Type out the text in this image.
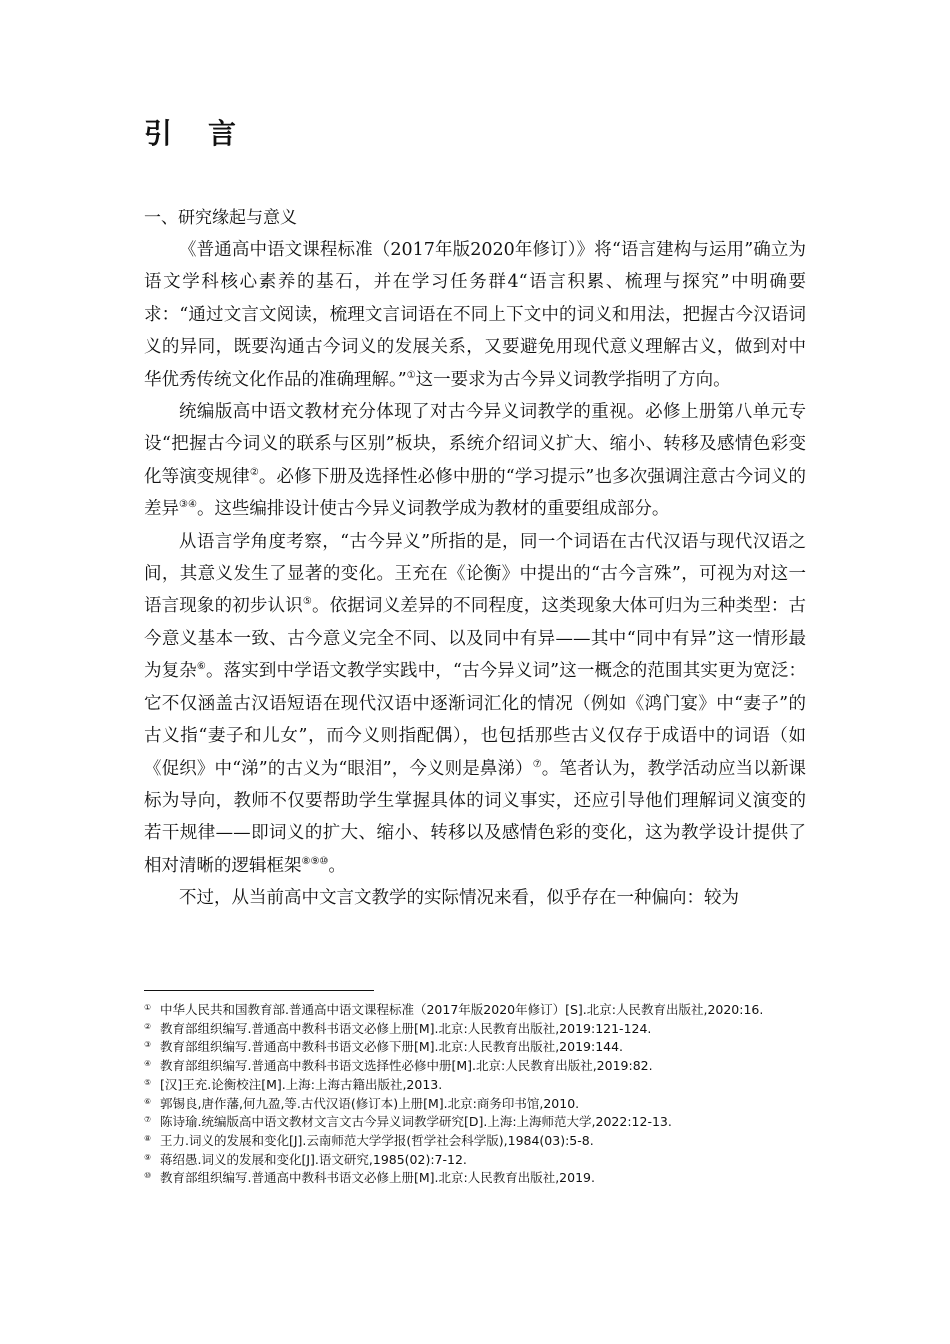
引　言

一、研究缘起与意义

《普通高中语文课程标准（2017年版2020年修订）》将“语言建构与运用”确立为语文学科核心素养的基石，并在学习任务群4“语言积累、梳理与探究”中明确要求：“通过文言文阅读，梳理文言词语在不同上下文中的词义和用法，把握古今汉语词义的异同，既要沟通古今词义的发展关系，又要避免用现代意义理解古义，做到对中华优秀传统文化作品的准确理解。”①这一要求为古今异义词教学指明了方向。

统编版高中语文教材充分体现了对古今异义词教学的重视。必修上册第八单元专设“把握古今词义的联系与区别”板块，系统介绍词义扩大、缩小、转移及感情色彩变化等演变规律②。必修下册及选择性必修中册的“学习提示”也多次强调注意古今词义的差异③④。这些编排设计使古今异义词教学成为教材的重要组成部分。

从语言学角度考察，“古今异义”所指的是，同一个词语在古代汉语与现代汉语之间，其意义发生了显著的变化。王充在《论衡》中提出的“古今言殊”，可视为对这一语言现象的初步认识⑤。依据词义差异的不同程度，这类现象大体可归为三种类型：古今意义基本一致、古今意义完全不同、以及同中有异——其中“同中有异”这一情形最为复杂⑥。落实到中学语文教学实践中，“古今异义词”这一概念的范围其实更为宽泛：它不仅涵盖古汉语短语在现代汉语中逐渐词汇化的情况（例如《鸿门宴》中“妻子”的古义指“妻子和儿女”，而今义则指配偶），也包括那些古义仅存于成语中的词语（如《促织》中“涕”的古义为“眼泪”，今义则是鼻涕）⑦。笔者认为，教学活动应当以新课标为导向，教师不仅要帮助学生掌握具体的词义事实，还应引导他们理解词义演变的若干规律——即词义的扩大、缩小、转移以及感情色彩的变化，这为教学设计提供了相对清晰的逻辑框架⑧⑨⑩。

不过，从当前高中文言文教学的实际情况来看，似乎存在一种偏向：较为

① 中华人民共和国教育部.普通高中语文课程标准（2017年版2020年修订）[S].北京:人民教育出版社,2020:16.
② 教育部组织编写.普通高中教科书语文必修上册[M].北京:人民教育出版社,2019:121-124.
③ 教育部组织编写.普通高中教科书语文必修下册[M].北京:人民教育出版社,2019:144.
④ 教育部组织编写.普通高中教科书语文选择性必修中册[M].北京:人民教育出版社,2019:82.
⑤ [汉]王充.论衡校注[M].上海:上海古籍出版社,2013.
⑥ 郭锡良,唐作藩,何九盈,等.古代汉语(修订本)上册[M].北京:商务印书馆,2010.
⑦ 陈诗瑜.统编版高中语文教材文言文古今异义词教学研究[D].上海:上海师范大学,2022:12-13.
⑧ 王力.词义的发展和变化[J].云南师范大学学报(哲学社会科学版),1984(03):5-8.
⑨ 蒋绍愚.词义的发展和变化[J].语文研究,1985(02):7-12.
⑩ 教育部组织编写.普通高中教科书语文必修上册[M].北京:人民教育出版社,2019.
